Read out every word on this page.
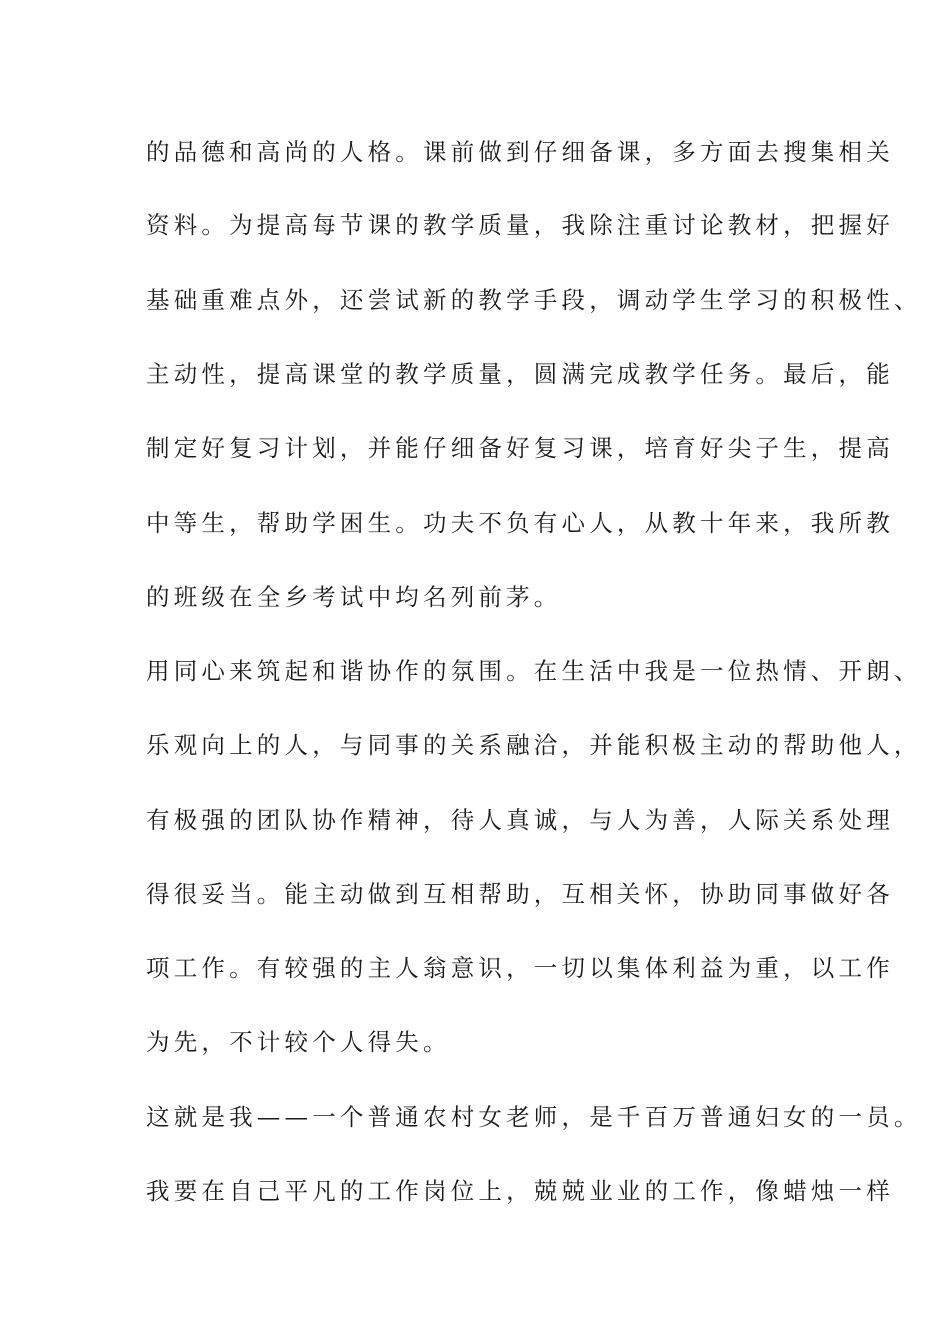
的品德和高尚的人格。课前做到仔细备课，多方面去搜集相关
资料。为提高每节课的教学质量，我除注重讨论教材，把握好
基础重难点外，还尝试新的教学手段，调动学生学习的积极性、
主动性，提高课堂的教学质量，圆满完成教学任务。最后，能
制定好复习计划，并能仔细备好复习课，培育好尖子生，提高
中等生，帮助学困生。功夫不负有心人，从教十年来，我所教
的班级在全乡考试中均名列前茅。
用同心来筑起和谐协作的氛围。在生活中我是一位热情、开朗、
乐观向上的人，与同事的关系融洽，并能积极主动的帮助他人，
有极强的团队协作精神，待人真诚，与人为善，人际关系处理
得很妥当。能主动做到互相帮助，互相关怀，协助同事做好各
项工作。有较强的主人翁意识，一切以集体利益为重，以工作
为先，不计较个人得失。
这就是我——一个普通农村女老师，是千百万普通妇女的一员。
我要在自己平凡的工作岗位上，兢兢业业的工作，像蜡烛一样
